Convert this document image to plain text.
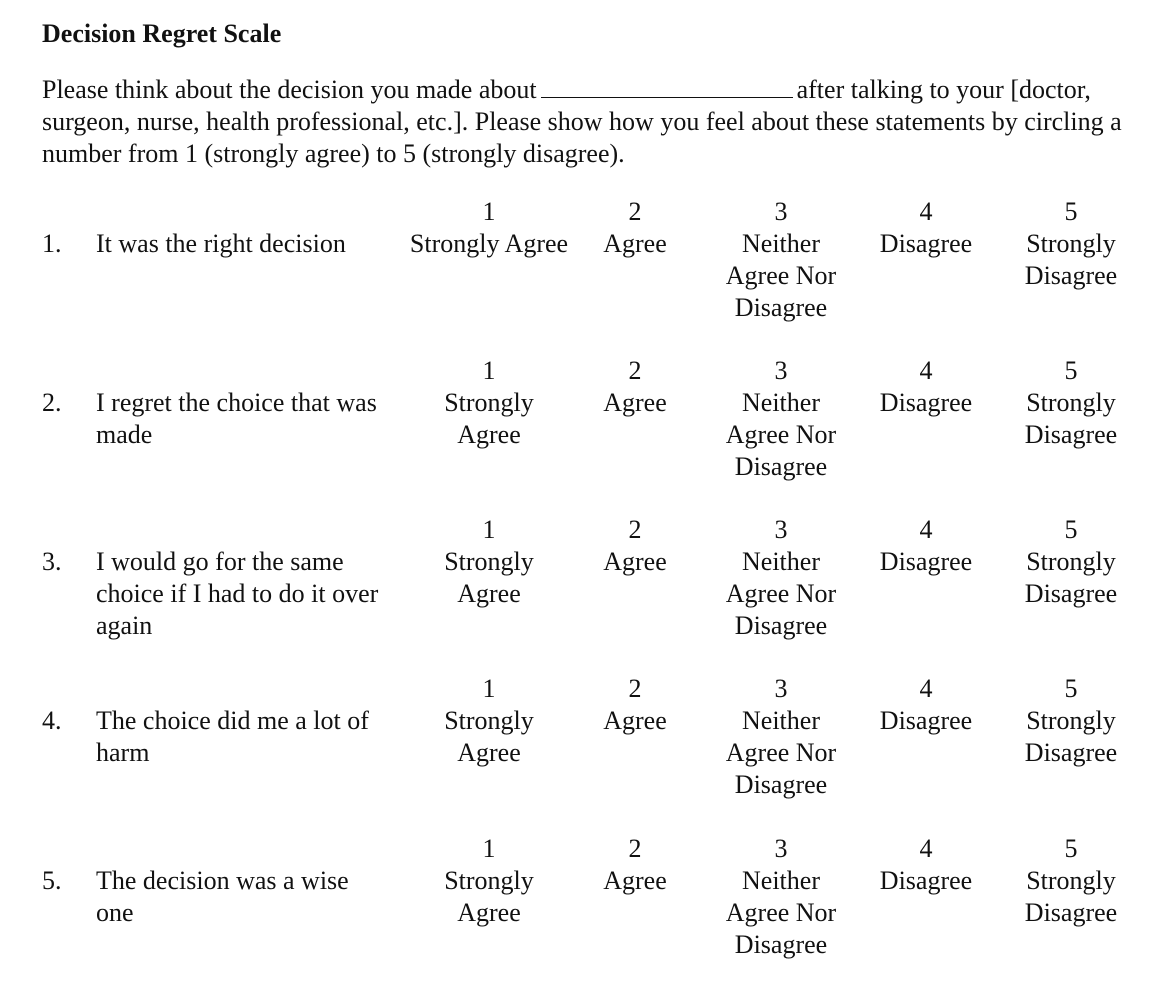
Decision Regret Scale
Please think about the decision you made about	after talking to your [doctor, surgeon, nurse, health professional, etc.]. Please show how you feel about these statements by circling a number from 1 (strongly agree) to 5 (strongly disagree).
1. It was the right decision
1
Strongly Agree
2
Agree
3
Neither Agree Nor Disagree
4
Disagree
5
Strongly Disagree
2. I regret the choice that was made
1
Strongly Agree
2
Agree
3
Neither Agree Nor Disagree
4
Disagree
5
Strongly Disagree
3. I would go for the same choice if I had to do it over again
1
Strongly Agree
2
Agree
3
Neither Agree Nor Disagree
4
Disagree
5
Strongly Disagree
4. The choice did me a lot of harm
1
Strongly Agree
2
Agree
3
Neither Agree Nor Disagree
4
Disagree
5
Strongly Disagree
5. The decision was a wise one
1
Strongly Agree
2
Agree
3
Neither Agree Nor Disagree
4
Disagree
5
Strongly Disagree
